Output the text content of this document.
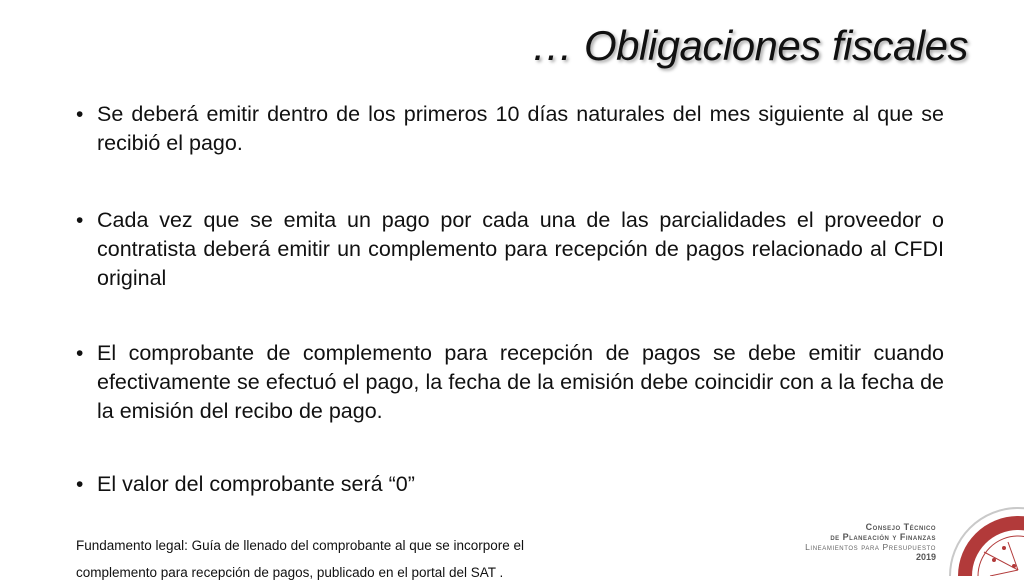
… Obligaciones fiscales
• Se deberá emitir dentro de los primeros 10 días naturales del mes siguiente al que se recibió el pago.
• Cada vez que se emita un pago por cada una de las parcialidades el proveedor o contratista deberá emitir un complemento para recepción de pagos relacionado al CFDI original
• El comprobante de complemento para recepción de pagos se debe emitir cuando efectivamente se efectuó el pago, la fecha de la emisión debe coincidir con a la fecha de la emisión del recibo de pago.
• El valor del comprobante será “0”
Fundamento legal: Guía de llenado del comprobante al que se incorpore el
complemento para recepción de pagos, publicado en el portal del SAT .
Consejo Técnico
de Planeación y Finanzas
Lineamientos para Presupuesto
2019
